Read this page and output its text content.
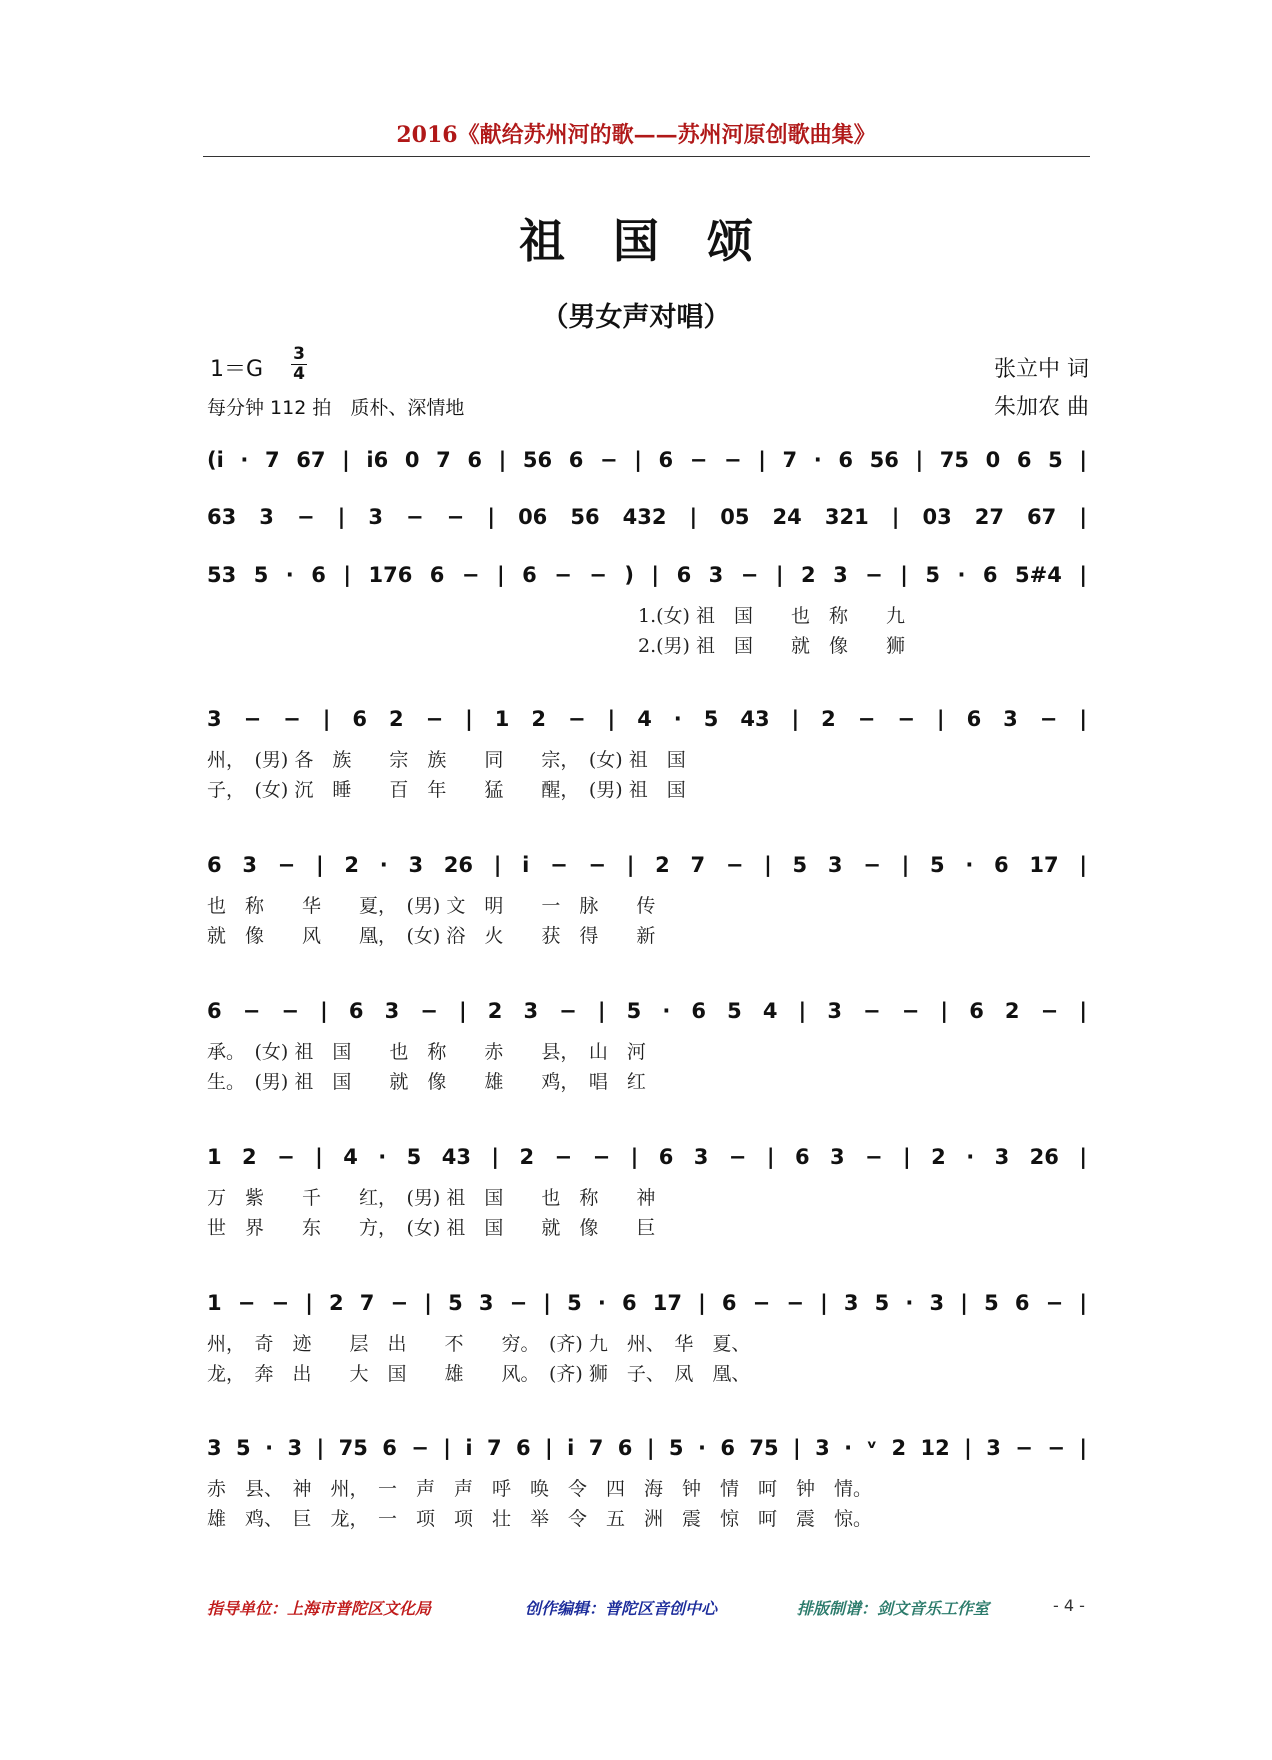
2016《献给苏州河的歌——苏州河原创歌曲集》
祖国颂
（男女声对唱）
$1=G \frac{3}{4}$
每分钟 112 拍　质朴、深情地
张立中 词
朱加农 曲
(i · 7 67 | i6 0 7 6 | 56 6 − | 6 − − | 7 · 6 56 | 75 0 6 5 |
63 3 − | 3 − − | 06 56 432 | 05 24 321 | 03 27 67 |
53 5 · 6 | 176 6 − | 6 − − ) | 6 3 − | 2 3 − | 5 · 6 5#4 |
1.(女) 祖　国　　也　称　　九
2.(男) 祖　国　　就　像　　狮
3 − − | 6 2 − | 1 2 − | 4 · 5 43 | 2 − − | 6 3 − |
州，　(男) 各　族　　宗　族　　同　　宗，　(女) 祖　国
子，　(女) 沉　睡　　百　年　　猛　　醒，　(男) 祖　国
6 3 − | 2 · 3 26 | i − − | 2 7 − | 5 3 − | 5 · 6 17 |
也　称　　华　　夏，　(男) 文　明　　一　脉　　传
就　像　　风　　凰，　(女) 浴　火　　获　得　　新
6 − − | 6 3 − | 2 3 − | 5 · 6 5 4 | 3 − − | 6 2 − |
承。　(女) 祖　国　　也　称　　赤　　县，　山　河
生。　(男) 祖　国　　就　像　　雄　　鸡，　唱　红
1 2 − | 4 · 5 43 | 2 − − | 6 3 − | 6 3 − | 2 · 3 26 |
万　紫　　千　　红，　(男) 祖　国　　也　称　　神
世　界　　东　　方，　(女) 祖　国　　就　像　　巨
1 − − | 2 7 − | 5 3 − | 5 · 6 17 | 6 − − | 3 5 · 3 | 5 6 − |
州，　奇　迹　　层　出　　不　　穷。　(齐) 九　州、　华　夏、
龙，　奔　出　　大　国　　雄　　风。　(齐) 狮　子、　凤　凰、
3 5 · 3 | 75 6 − | i 7 6 | i 7 6 | 5 · 6 75 | 3 · ᵛ 2 12 | 3 − − |
赤　县、　神　州，　一　声　声　呼　唤　令　四　海　钟　情　呵　钟　情。
雄　鸡、　巨　龙，　一　项　项　壮　举　令　五　洲　震　惊　呵　震　惊。
指导单位：上海市普陀区文化局	创作编辑：普陀区音创中心	排版制谱：剑文音乐工作室	- 4 -
